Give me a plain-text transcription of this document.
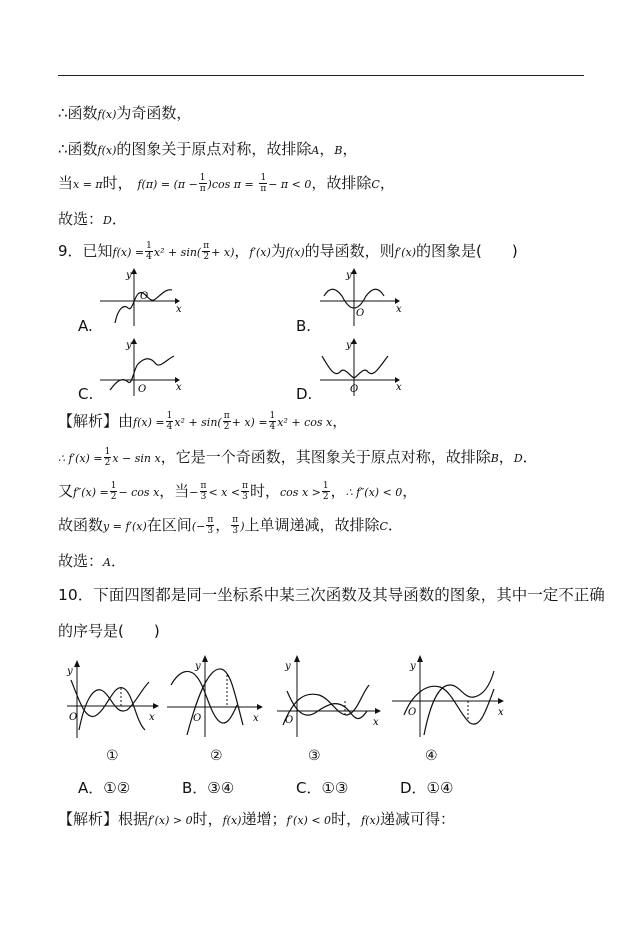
∴函数f(x)为奇函数，
∴函数f(x)的图象关于原点对称，故排除A，B，
当x = π时， $f(\pi) = (\pi - \frac{1}{\pi} )\cos$ $\pi = \frac{1}{\pi} - \pi < 0$，故排除C，
故选：D．
9．已知$f(x) = \frac{1}{4} x^2 + \sin( \frac{\pi}{2} + x)$，f′(x)为f(x)的导函数，则f′(x)的图象是(　　)
y
x
O
A.
y
x
O
B.
y
x
O
C.
y
x
O
D.
【解析】由$f(x) = \frac{1}{4} x^2 + \sin( \frac{\pi}{2} + x) = \frac{1}{4} x^2 + \cos x$，
∴ $f'(x) = \frac{1}{2}$ x − sin x，它是一个奇函数，其图象关于原点对称，故排除B，D．
又$f''(x) = \frac{1}{2} - \cos x$，当− $\frac{\pi}{3} < x < \frac{\pi}{3}$ 时，$\cos x > \frac{1}{2}$ ，∴ f″(x) < 0，
故函数y = f′(x)在区间(− $\frac{\pi}{3}$ ， $\frac{\pi}{3}$ )上单调递减，故排除C．
故选：A．
10．下面四图都是同一坐标系中某三次函数及其导函数的图象，其中一定不正确
的序号是(　　)
y
x
O
y
x
O
y
x
O
y
x
O
①	②	③	④
A．①②	B．③④	C．①③	D．①④
【解析】根据f′(x) > 0时，f(x)递增；f′(x) < 0时，f(x)递减可得：
